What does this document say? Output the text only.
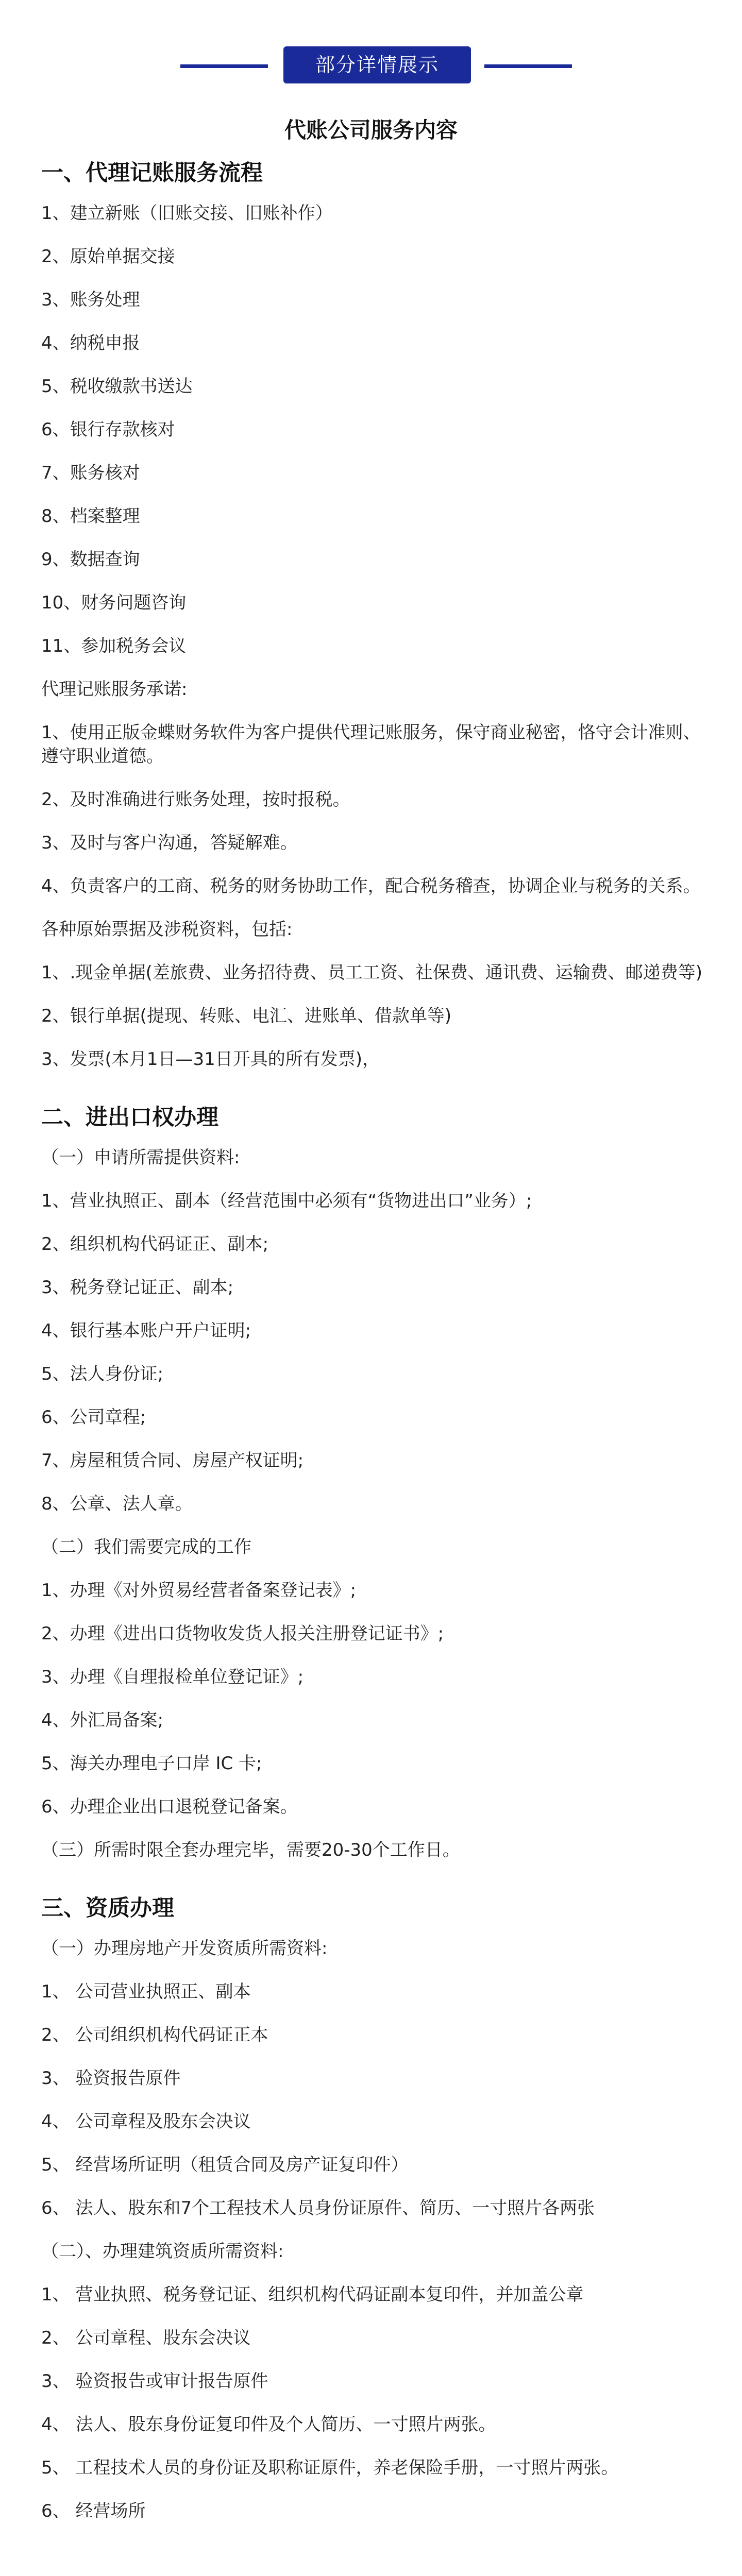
部分详情展示
代账公司服务内容
一、代理记账服务流程
1、建立新账（旧账交接、旧账补作）
2、原始单据交接
3、账务处理
4、纳税申报
5、税收缴款书送达
6、银行存款核对
7、账务核对
8、档案整理
9、数据查询
10、财务问题咨询
11、参加税务会议
代理记账服务承诺:
1、使用正版金蝶财务软件为客户提供代理记账服务，保守商业秘密，恪守会计准则、遵守职业道德。
2、及时准确进行账务处理，按时报税。
3、及时与客户沟通，答疑解难。
4、负责客户的工商、税务的财务协助工作，配合税务稽查，协调企业与税务的关系。
各种原始票据及涉税资料，包括:
1、.现金单据(差旅费、业务招待费、员工工资、社保费、通讯费、运输费、邮递费等)
2、银行单据(提现、转账、电汇、进账单、借款单等)
3、发票(本月1日—31日开具的所有发票)，
二、进出口权办理
（一）申请所需提供资料:
1、营业执照正、副本（经营范围中必须有“货物进出口”业务）;
2、组织机构代码证正、副本;
3、税务登记证正、副本;
4、银行基本账户开户证明;
5、法人身份证;
6、公司章程;
7、房屋租赁合同、房屋产权证明;
8、公章、法人章。
（二）我们需要完成的工作
1、办理《对外贸易经营者备案登记表》;
2、办理《进出口货物收发货人报关注册登记证书》;
3、办理《自理报检单位登记证》;
4、外汇局备案;
5、海关办理电子口岸 IC 卡;
6、办理企业出口退税登记备案。
（三）所需时限全套办理完毕，需要20-30个工作日。
三、资质办理
（一）办理房地产开发资质所需资料:
1、 公司营业执照正、副本
2、 公司组织机构代码证正本
3、 验资报告原件
4、 公司章程及股东会决议
5、 经营场所证明（租赁合同及房产证复印件）
6、 法人、股东和7个工程技术人员身份证原件、简历、一寸照片各两张
（二）、办理建筑资质所需资料:
1、 营业执照、税务登记证、组织机构代码证副本复印件，并加盖公章
2、 公司章程、股东会决议
3、 验资报告或审计报告原件
4、 法人、股东身份证复印件及个人简历、一寸照片两张。
5、 工程技术人员的身份证及职称证原件，养老保险手册，一寸照片两张。
6、 经营场所
